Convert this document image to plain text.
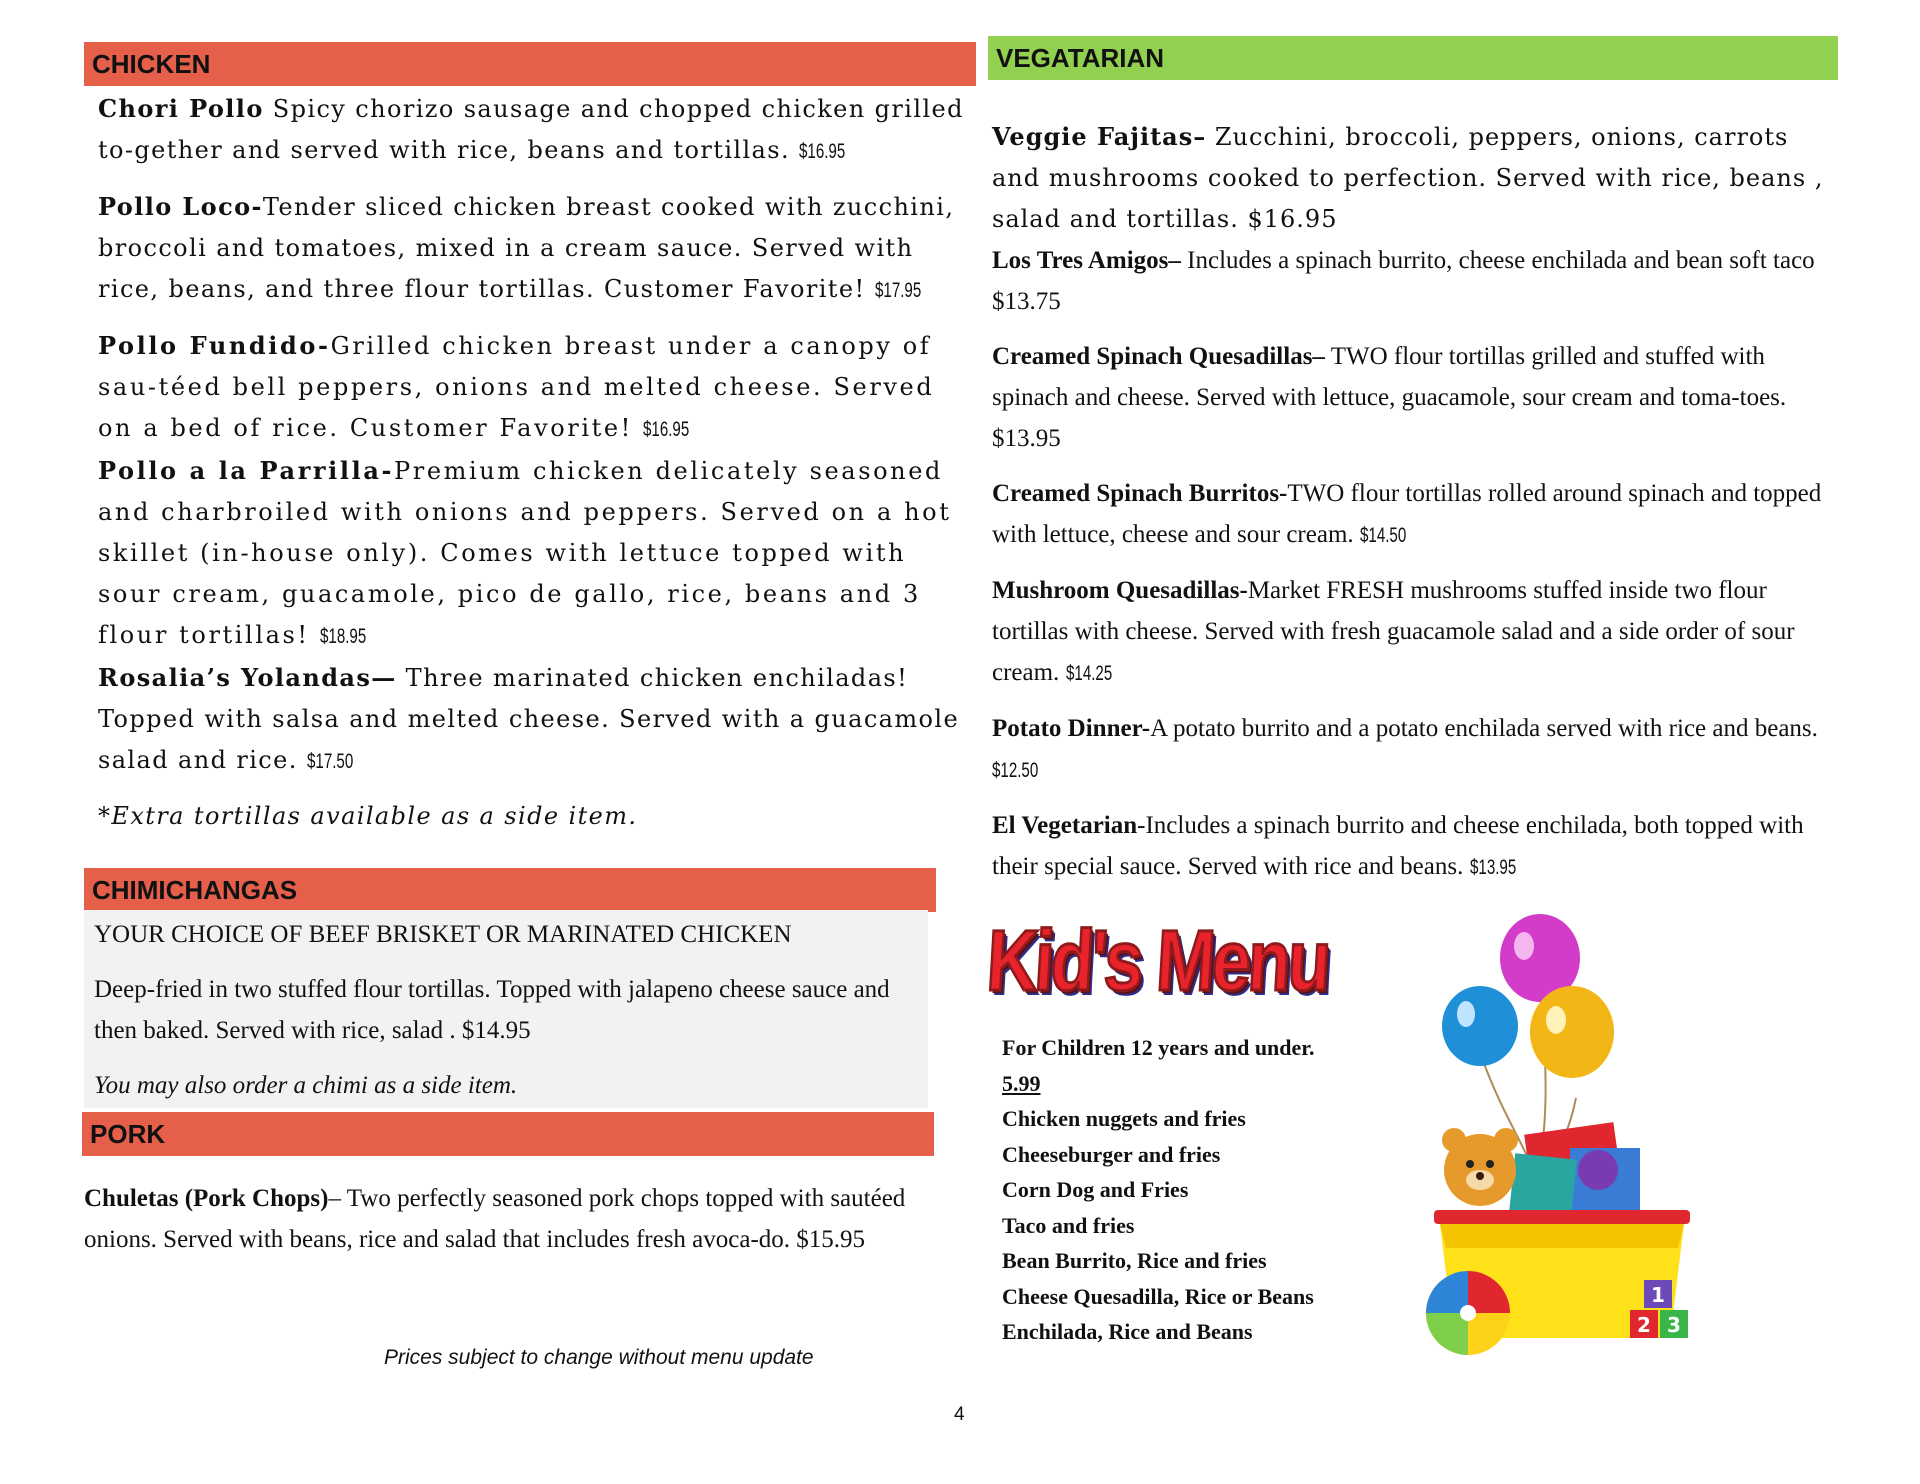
CHICKEN

Chori Pollo Spicy chorizo sausage and chopped chicken grilled to-gether and served with rice, beans and tortillas. $16.95

Pollo Loco-Tender sliced chicken breast cooked with zucchini, broccoli and tomatoes, mixed in a cream sauce. Served with rice, beans, and three flour tortillas. Customer Favorite! $17.95

Pollo Fundido-Grilled chicken breast under a canopy of sau-téed bell peppers, onions and melted cheese. Served on a bed of rice. Customer Favorite! $16.95

Pollo a la Parrilla-Premium chicken delicately seasoned and charbroiled with onions and peppers. Served on a hot skillet (in-house only). Comes with lettuce topped with sour cream, guacamole, pico de gallo, rice, beans and 3 flour tortillas! $18.95

Rosalia’s Yolandas— Three marinated chicken enchiladas! Topped with salsa and melted cheese. Served with a guacamole salad and rice. $17.50

*Extra tortillas available as a side item.

CHIMICHANGAS
YOUR CHOICE OF BEEF BRISKET OR MARINATED CHICKEN
Deep-fried in two stuffed flour tortillas. Topped with jalapeno cheese sauce and then baked. Served with rice, salad . $14.95
You may also order a chimi as a side item.
PORK

Chuletas (Pork Chops)– Two perfectly seasoned pork chops topped with sautéed onions. Served with beans, rice and salad that includes fresh avoca-do. $15.95

Prices subject to change without menu update
4
VEGATARIAN

Veggie Fajitas– Zucchini, broccoli, peppers, onions, carrots and mushrooms cooked to perfection. Served with rice, beans , salad and tortillas. $16.95

Los Tres Amigos– Includes a spinach burrito, cheese enchilada and bean soft taco $13.75

Creamed Spinach Quesadillas– TWO flour tortillas grilled and stuffed with spinach and cheese. Served with lettuce, guacamole, sour cream and toma-toes. $13.95

Creamed Spinach Burritos-TWO flour tortillas rolled around spinach and topped with lettuce, cheese and sour cream. $14.50

Mushroom Quesadillas-Market FRESH mushrooms stuffed inside two flour tortillas with cheese. Served with fresh guacamole salad and a side order of sour cream. $14.25

Potato Dinner-A potato burrito and a potato enchilada served with rice and beans. $12.50

El Vegetarian-Includes a spinach burrito and cheese enchilada, both topped with their special sauce. Served with rice and beans. $13.95

Kid's Menu
For Children 12 years and under.
5.99
Chicken nuggets and fries
Cheeseburger and fries
Corn Dog and Fries
Taco and fries
Bean Burrito, Rice and fries
Cheese Quesadilla, Rice or Beans
Enchilada, Rice and Beans
1
2 3
